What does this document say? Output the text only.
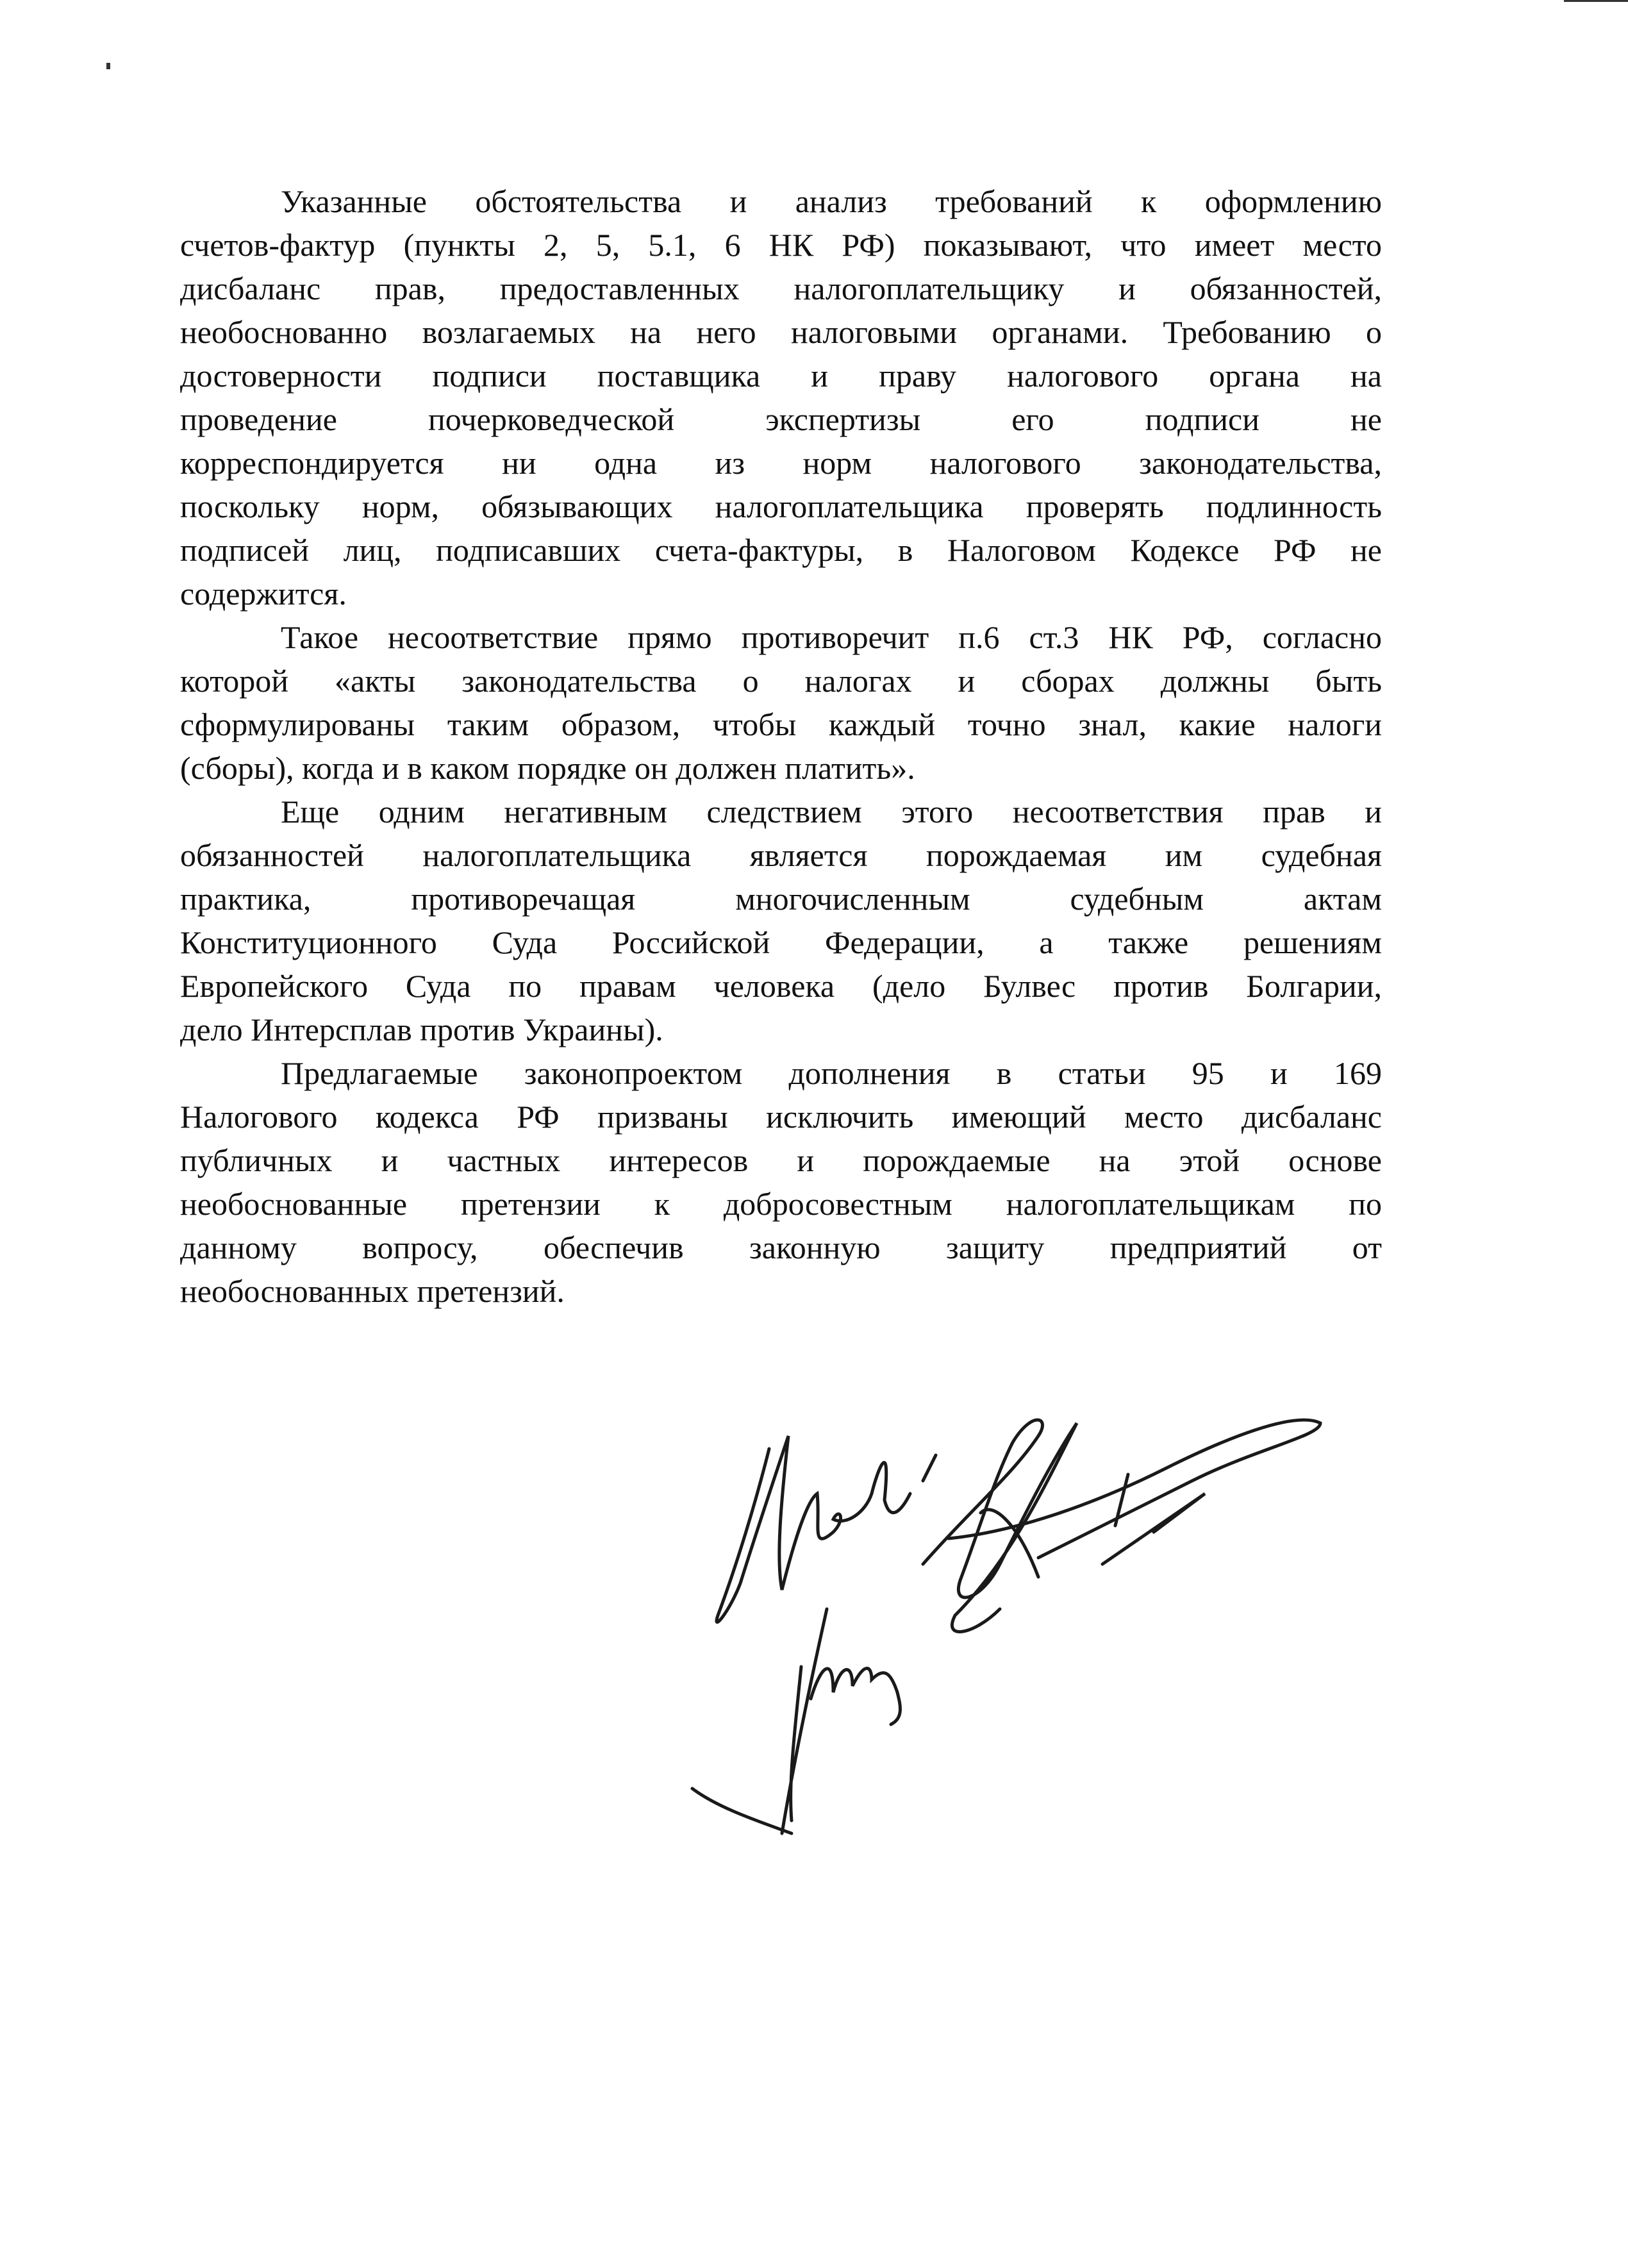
Указанные обстоятельства и анализ требований к оформлению
счетов-фактур (пункты 2, 5, 5.1, 6 НК РФ) показывают, что имеет место
дисбаланс прав, предоставленных налогоплательщику и обязанностей,
необоснованно возлагаемых на него налоговыми органами. Требованию о
достоверности подписи поставщика и праву налогового органа на
проведение почерковедческой экспертизы его подписи не
корреспондируется ни одна из норм налогового законодательства,
поскольку норм, обязывающих налогоплательщика проверять подлинность
подписей лиц, подписавших счета-фактуры, в Налоговом Кодексе РФ не
содержится.
Такое несоответствие прямо противоречит п.6 ст.3 НК РФ, согласно
которой «акты законодательства о налогах и сборах должны быть
сформулированы таким образом, чтобы каждый точно знал, какие налоги
(сборы), когда и в каком порядке он должен платить».
Еще одним негативным следствием этого несоответствия прав и
обязанностей налогоплательщика является порождаемая им судебная
практика, противоречащая многочисленным судебным актам
Конституционного Суда Российской Федерации, а также решениям
Европейского Суда по правам человека (дело Булвес против Болгарии,
дело Интерсплав против Украины).
Предлагаемые законопроектом дополнения в статьи 95 и 169
Налогового кодекса РФ призваны исключить имеющий место дисбаланс
публичных и частных интересов и порождаемые на этой основе
необоснованные претензии к добросовестным налогоплательщикам по
данному вопросу, обеспечив законную защиту предприятий от
необоснованных претензий.
